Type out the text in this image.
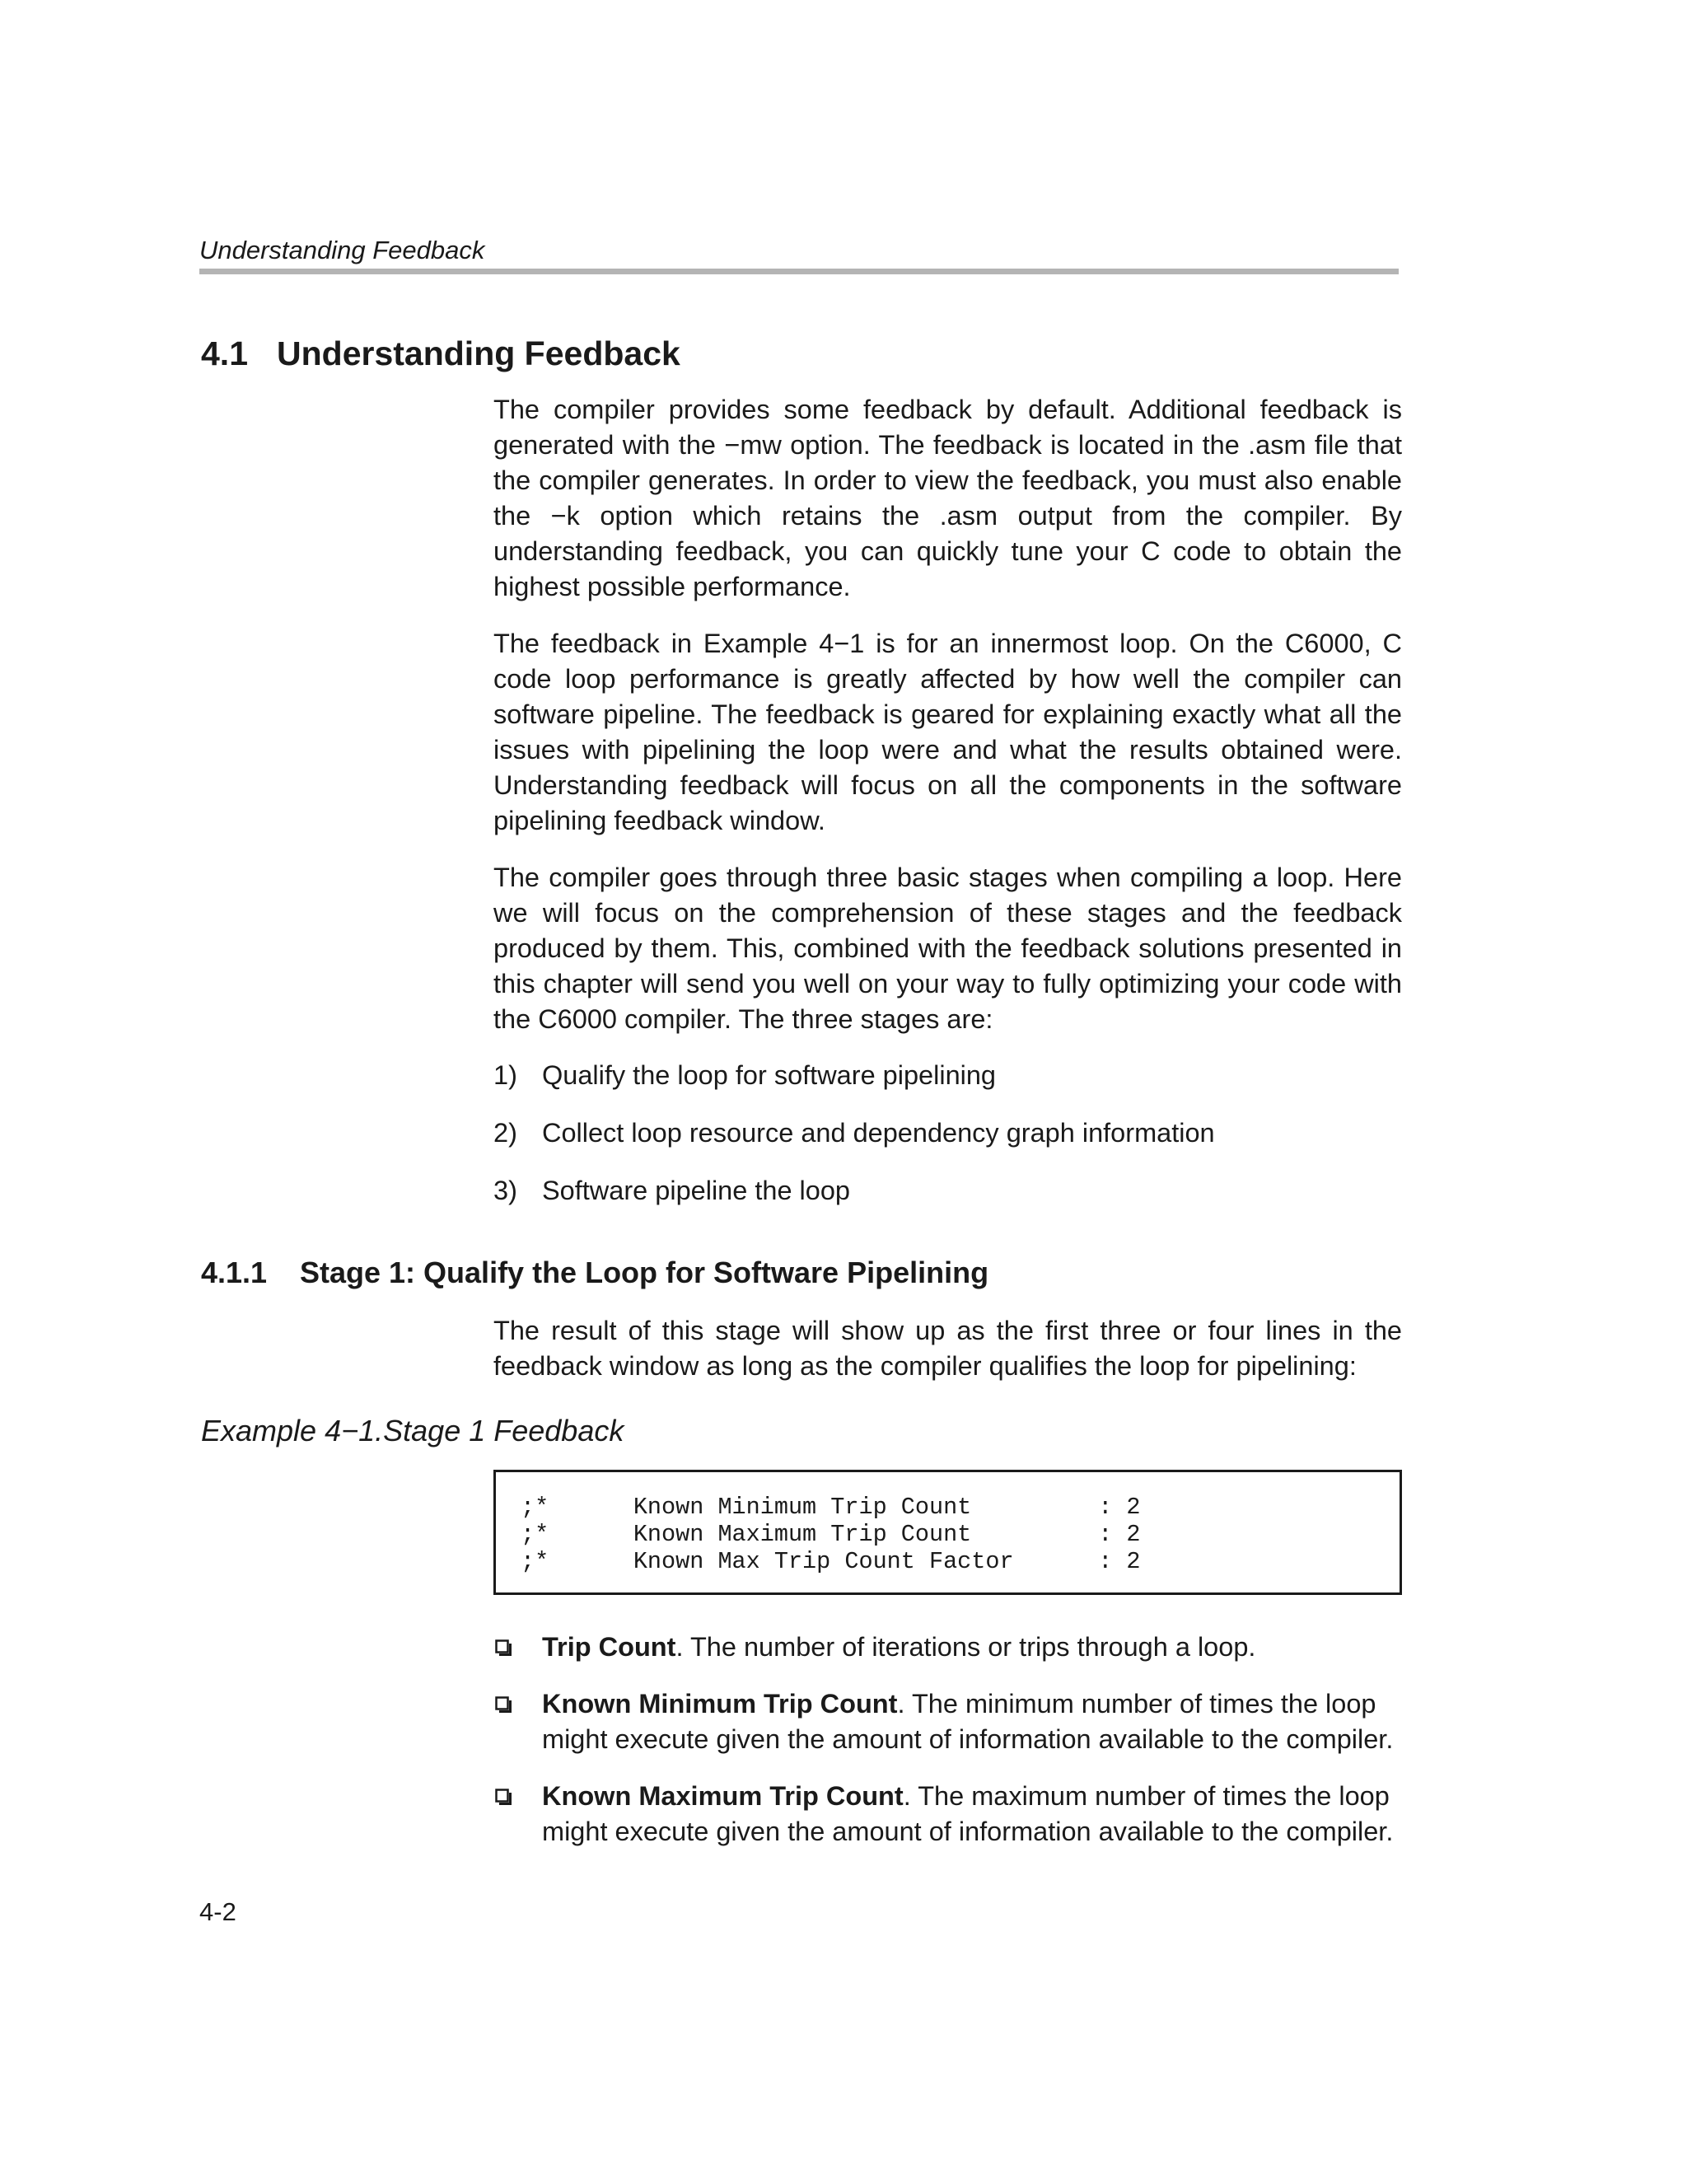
Understanding Feedback
4.1 Understanding Feedback

The compiler provides some feedback by default. Additional feedback is generated with the −mw option. The feedback is located in the .asm file that the compiler generates. In order to view the feedback, you must also enable the −k option which retains the .asm output from the compiler. By understanding feedback, you can quickly tune your C code to obtain the highest possible performance.

The feedback in Example 4−1 is for an innermost loop. On the C6000, C code loop performance is greatly affected by how well the compiler can software pipeline. The feedback is geared for explaining exactly what all the issues with pipelining the loop were and what the results obtained were. Understanding feedback will focus on all the components in the software pipelining feedback window.

The compiler goes through three basic stages when compiling a loop. Here we will focus on the comprehension of these stages and the feedback produced by them. This, combined with the feedback solutions presented in this chapter will send you well on your way to fully optimizing your code with the C6000 compiler. The three stages are:

1) Qualify the loop for software pipelining
2) Collect loop resource and dependency graph information
3) Software pipeline the loop
4.1.1 Stage 1: Qualify the Loop for Software Pipelining

The result of this stage will show up as the first three or four lines in the feedback window as long as the compiler qualifies the loop for pipelining:

Example 4−1.Stage 1 Feedback
;*      Known Minimum Trip Count         : 2
;*      Known Maximum Trip Count         : 2
;*      Known Max Trip Count Factor      : 2
Trip Count. The number of iterations or trips through a loop.
Known Minimum Trip Count. The minimum number of times the loop might execute given the amount of information available to the compiler.
Known Maximum Trip Count. The maximum number of times the loop might execute given the amount of information available to the compiler.
4-2
